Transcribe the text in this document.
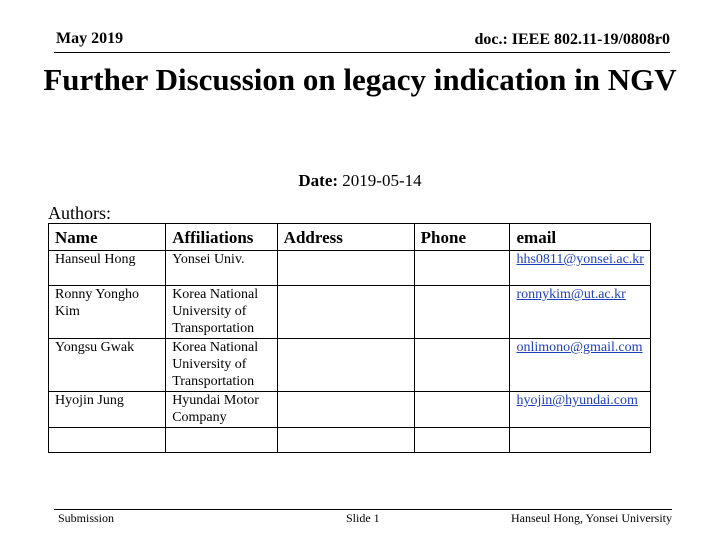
May 2019	doc.: IEEE 802.11-19/0808r0
Further Discussion on legacy indication in NGV
Date: 2019-05-14
Authors:
Name	Affiliations	Address	Phone	email
Hanseul Hong	Yonsei Univ.			hhs0811@yonsei.ac.kr
Ronny Yongho Kim	Korea National University of Transportation			ronnykim@ut.ac.kr
Yongsu Gwak	Korea National University of Transportation			onlimono@gmail.com
Hyojin Jung	Hyundai Motor Company			hyojin@hyundai.com

Submission	Slide 1	Hanseul Hong, Yonsei University
